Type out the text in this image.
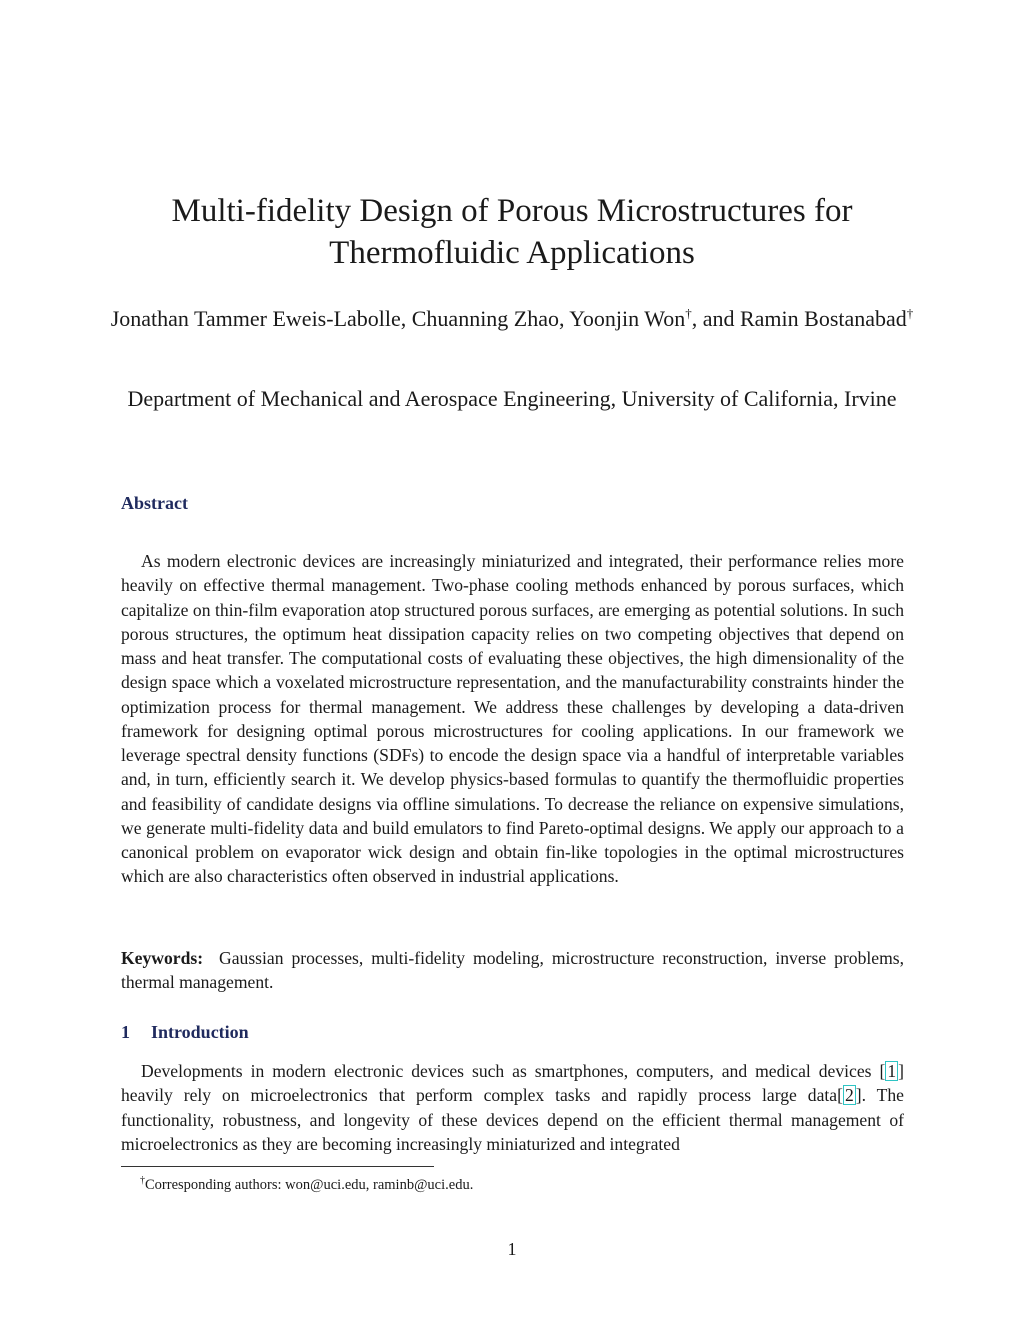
Multi-fidelity Design of Porous Microstructures for Thermofluidic Applications
Jonathan Tammer Eweis-Labolle, Chuanning Zhao, Yoonjin Won†, and Ramin Bostanabad†
Department of Mechanical and Aerospace Engineering, University of California, Irvine
Abstract

As modern electronic devices are increasingly miniaturized and integrated, their performance relies more heavily on effective thermal management. Two-phase cooling methods enhanced by porous surfaces, which capitalize on thin-film evaporation atop structured porous surfaces, are emerging as potential solutions. In such porous structures, the optimum heat dissipation capacity relies on two competing objectives that depend on mass and heat transfer. The computational costs of evaluating these objectives, the high dimensionality of the design space which a voxelated microstructure representation, and the manufacturability constraints hinder the optimization process for thermal management. We address these challenges by developing a data-driven framework for designing optimal porous microstructures for cooling applications. In our framework we leverage spectral density functions (SDFs) to encode the design space via a handful of interpretable variables and, in turn, efficiently search it. We develop physics-based formulas to quantify the thermofluidic properties and feasibility of candidate designs via offline simulations. To decrease the reliance on expensive simulations, we generate multi-fidelity data and build emulators to find Pareto-optimal designs. We apply our approach to a canonical problem on evaporator wick design and obtain fin-like topologies in the optimal microstructures which are also characteristics often observed in industrial applications.

Keywords: Gaussian processes, multi-fidelity modeling, microstructure reconstruction, inverse problems, thermal management.

1 Introduction

Developments in modern electronic devices such as smartphones, computers, and medical devices [ 1 ] heavily rely on microelectronics that perform complex tasks and rapidly process large data[ 2 ]. The functionality, robustness, and longevity of these devices depend on the efficient thermal management of microelectronics as they are becoming increasingly miniaturized and integrated

†Corresponding authors: won@uci.edu, raminb@uci.edu.
1
